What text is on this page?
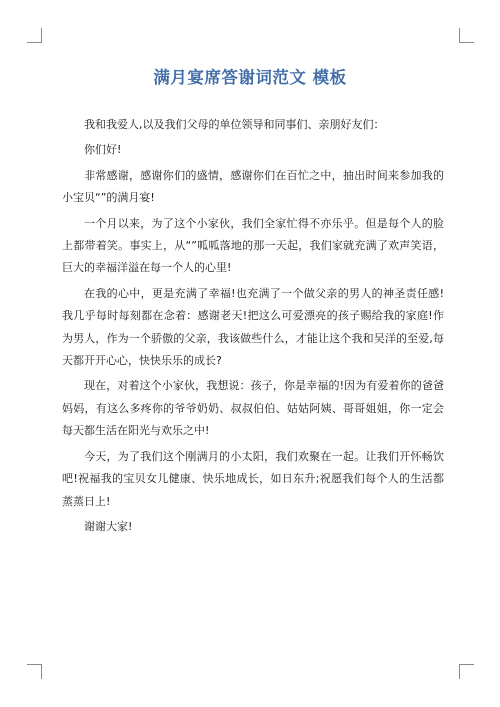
满月宴席答谢词范文 模板

我和我爱人,以及我们父母的单位领导和同事们、亲朋好友们：

你们好!

非常感谢，感谢你们的盛情，感谢你们在百忙之中，抽出时间来参加我的小宝贝“”的满月宴!

一个月以来，为了这个小家伙，我们全家忙得不亦乐乎。但是每个人的脸上都带着笑。事实上，从“”呱呱落地的那一天起，我们家就充满了欢声笑语，巨大的幸福洋溢在每一个人的心里!

在我的心中，更是充满了幸福!也充满了一个做父亲的男人的神圣责任感!我几乎每时每刻都在念着：感谢老天!把这么可爱漂亮的孩子赐给我的家庭!作为男人，作为一个骄傲的父亲，我该做些什么，才能让这个我和吴洋的至爱,每天都开开心心，快快乐乐的成长?

现在，对着这个小家伙，我想说：孩子，你是幸福的!因为有爱着你的爸爸妈妈，有这么多疼你的爷爷奶奶、叔叔伯伯、姑姑阿姨、哥哥姐姐，你一定会每天都生活在阳光与欢乐之中!

今天，为了我们这个刚满月的小太阳，我们欢聚在一起。让我们开怀畅饮吧!祝福我的宝贝女儿健康、快乐地成长，如日东升;祝愿我们每个人的生活都蒸蒸日上!

谢谢大家!
